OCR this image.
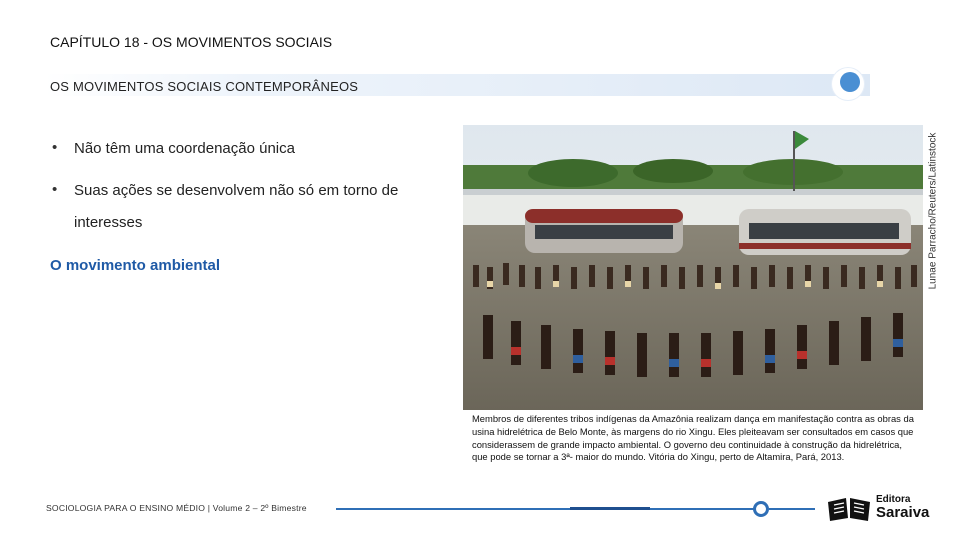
CAPÍTULO 18 - OS MOVIMENTOS SOCIAIS
OS MOVIMENTOS SOCIAIS CONTEMPORÂNEOS
• Não têm uma coordenação única
• Suas ações se desenvolvem não só em torno de
interesses
O movimento ambiental	Lunae Parracho/Reuters/Latinstock
Membros de diferentes tribos indígenas da Amazônia realizam dança em manifestação contra as obras da usina hidrelétrica de Belo Monte, às margens do rio Xingu. Eles pleiteavam ser consultados em casos que considerassem de grande impacto ambiental. O governo deu continuidade à construção da hidrelétrica, que pode se tornar a 3ª- maior do mundo. Vitória do Xingu, perto de Altamira, Pará, 2013.
SOCIOLOGIA PARA O ENSINO MÉDIO | Volume 2 – 2º Bimestre
Editora
Saraiva
